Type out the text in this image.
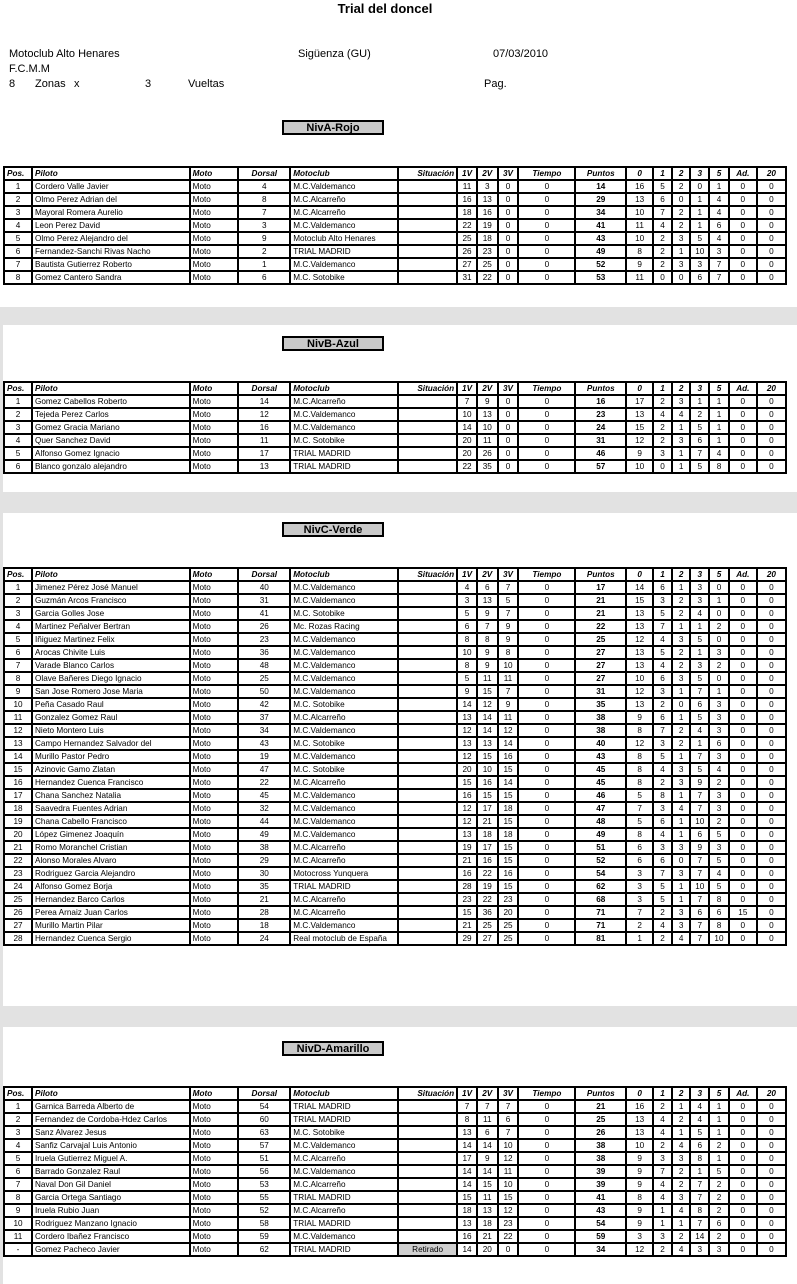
Trial del doncel
Motoclub Alto Henares	Sigüenza (GU)	07/03/2010
F.C.M.M
8 Zonas x	3	Vueltas	Pag.
NivA-Rojo
Pos.	Piloto	Moto	Dorsal	Motoclub	Situación	1V	2V	3V	Tiempo	Puntos	0	1	2	3	5	Ad.	20
1	Cordero Valle Javier	Moto	4	M.C.Valdemanco		11	3	0	0	14	16	5	2	0	1	0	0
2	Olmo Perez Adrian del	Moto	8	M.C.Alcarreño		16	13	0	0	29	13	6	0	1	4	0	0
3	Mayoral Romera Aurelio	Moto	7	M.C.Alcarreño		18	16	0	0	34	10	7	2	1	4	0	0
4	Leon Perez David	Moto	3	M.C.Valdemanco		22	19	0	0	41	11	4	2	1	6	0	0
5	Olmo Perez Alejandro del	Moto	9	Motoclub Alto Henares		25	18	0	0	43	10	2	3	5	4	0	0
6	Fernandez-Sanchi Rivas Nacho	Moto	2	TRIAL MADRID		26	23	0	0	49	8	2	1	10	3	0	0
7	Bautista Gutierrez Roberto	Moto	1	M.C.Valdemanco		27	25	0	0	52	9	2	3	3	7	0	0
8	Gomez Cantero Sandra	Moto	6	M.C. Sotobike		31	22	0	0	53	11	0	0	6	7	0	0
NivB-Azul
Pos.	Piloto	Moto	Dorsal	Motoclub	Situación	1V	2V	3V	Tiempo	Puntos	0	1	2	3	5	Ad.	20
1	Gomez Cabellos Roberto	Moto	14	M.C.Alcarreño		7	9	0	0	16	17	2	3	1	1	0	0
2	Tejeda Perez Carlos	Moto	12	M.C.Valdemanco		10	13	0	0	23	13	4	4	2	1	0	0
3	Gomez Gracia Mariano	Moto	16	M.C.Valdemanco		14	10	0	0	24	15	2	1	5	1	0	0
4	Quer Sanchez David	Moto	11	M.C. Sotobike		20	11	0	0	31	12	2	3	6	1	0	0
5	Alfonso Gomez Ignacio	Moto	17	TRIAL MADRID		20	26	0	0	46	9	3	1	7	4	0	0
6	Blanco gonzalo alejandro	Moto	13	TRIAL MADRID		22	35	0	0	57	10	0	1	5	8	0	0
NivC-Verde
Pos.	Piloto	Moto	Dorsal	Motoclub	Situación	1V	2V	3V	Tiempo	Puntos	0	1	2	3	5	Ad.	20
1	Jimenez Pérez José Manuel	Moto	40	M.C.Valdemanco		4	6	7	0	17	14	6	1	3	0	0	0
2	Guzmán Arcos Francisco	Moto	31	M.C.Valdemanco		3	13	5	0	21	15	3	2	3	1	0	0
3	Garcia Golles Jose	Moto	41	M.C. Sotobike		5	9	7	0	21	13	5	2	4	0	0	0
4	Martinez Peñalver Bertran	Moto	26	Mc. Rozas Racing		6	7	9	0	22	13	7	1	1	2	0	0
5	Iñiguez Martinez Felix	Moto	23	M.C.Valdemanco		8	8	9	0	25	12	4	3	5	0	0	0
6	Arocas Chivite Luis	Moto	36	M.C.Valdemanco		10	9	8	0	27	13	5	2	1	3	0	0
7	Varade Blanco Carlos	Moto	48	M.C.Valdemanco		8	9	10	0	27	13	4	2	3	2	0	0
8	Olave Bañeres Diego Ignacio	Moto	25	M.C.Valdemanco		5	11	11	0	27	10	6	3	5	0	0	0
9	San Jose Romero Jose Maria	Moto	50	M.C.Valdemanco		9	15	7	0	31	12	3	1	7	1	0	0
10	Peña Casado Raul	Moto	42	M.C. Sotobike		14	12	9	0	35	13	2	0	6	3	0	0
11	Gonzalez Gomez Raul	Moto	37	M.C.Alcarreño		13	14	11	0	38	9	6	1	5	3	0	0
12	Nieto Montero Luis	Moto	34	M.C.Valdemanco		12	14	12	0	38	8	7	2	4	3	0	0
13	Campo Hernandez Salvador del	Moto	43	M.C. Sotobike		13	13	14	0	40	12	3	2	1	6	0	0
14	Murillo Pastor Pedro	Moto	19	M.C.Valdemanco		12	15	16	0	43	8	5	1	7	3	0	0
15	Azinovic Gamo Zlatan	Moto	47	M.C. Sotobike		20	10	15	0	45	8	4	3	5	4	0	0
16	Hernandez Cuenca Francisco	Moto	22	M.C.Alcarreño		15	16	14	0	45	8	2	3	9	2	0	0
17	Chana Sanchez Natalia	Moto	45	M.C.Valdemanco		16	15	15	0	46	5	8	1	7	3	0	0
18	Saavedra Fuentes Adrian	Moto	32	M.C.Valdemanco		12	17	18	0	47	7	3	4	7	3	0	0
19	Chana Cabello Francisco	Moto	44	M.C.Valdemanco		12	21	15	0	48	5	6	1	10	2	0	0
20	López Gimenez Joaquín	Moto	49	M.C.Valdemanco		13	18	18	0	49	8	4	1	6	5	0	0
21	Romo Moranchel Cristian	Moto	38	M.C.Alcarreño		19	17	15	0	51	6	3	3	9	3	0	0
22	Alonso Morales Alvaro	Moto	29	M.C.Alcarreño		21	16	15	0	52	6	6	0	7	5	0	0
23	Rodriguez Garcia Alejandro	Moto	30	Motocross Yunquera		16	22	16	0	54	3	7	3	7	4	0	0
24	Alfonso Gomez Borja	Moto	35	TRIAL MADRID		28	19	15	0	62	3	5	1	10	5	0	0
25	Hernandez Barco Carlos	Moto	21	M.C.Alcarreño		23	22	23	0	68	3	5	1	7	8	0	0
26	Perea Arnaiz Juan Carlos	Moto	28	M.C.Alcarreño		15	36	20	0	71	7	2	3	6	6	15	0
27	Murillo Martin Pilar	Moto	18	M.C.Valdemanco		21	25	25	0	71	2	4	3	7	8	0	0
28	Hernandez Cuenca Sergio	Moto	24	Real motoclub de España		29	27	25	0	81	1	2	4	7	10	0	0
NivD-Amarillo
Pos.	Piloto	Moto	Dorsal	Motoclub	Situación	1V	2V	3V	Tiempo	Puntos	0	1	2	3	5	Ad.	20
1	Garnica Barreda Alberto de	Moto	54	TRIAL MADRID		7	7	7	0	21	16	2	1	4	1	0	0
2	Fernandez de Cordoba-Hdez Carlos	Moto	60	TRIAL MADRID		8	11	6	0	25	13	4	2	4	1	0	0
3	Sanz Alvarez Jesus	Moto	63	M.C. Sotobike		13	6	7	0	26	13	4	1	5	1	0	0
4	Sanfiz Carvajal Luis Antonio	Moto	57	M.C.Valdemanco		14	14	10	0	38	10	2	4	6	2	0	0
5	Iruela Gutierrez Miguel A.	Moto	51	M.C.Alcarreño		17	9	12	0	38	9	3	3	8	1	0	0
6	Barrado Gonzalez Raul	Moto	56	M.C.Valdemanco		14	14	11	0	39	9	7	2	1	5	0	0
7	Naval Don Gil Daniel	Moto	53	M.C.Alcarreño		14	15	10	0	39	9	4	2	7	2	0	0
8	Garcia Ortega Santiago	Moto	55	TRIAL MADRID		15	11	15	0	41	8	4	3	7	2	0	0
9	Iruela Rubio Juan	Moto	52	M.C.Alcarreño		18	13	12	0	43	9	1	4	8	2	0	0
10	Rodriguez Manzano Ignacio	Moto	58	TRIAL MADRID		13	18	23	0	54	9	1	1	7	6	0	0
11	Cordero Ibañez Francisco	Moto	59	M.C.Valdemanco		16	21	22	0	59	3	3	2	14	2	0	0
-	Gomez Pacheco Javier	Moto	62	TRIAL MADRID	Retirado	14	20	0	0	34	12	2	4	3	3	0	0
